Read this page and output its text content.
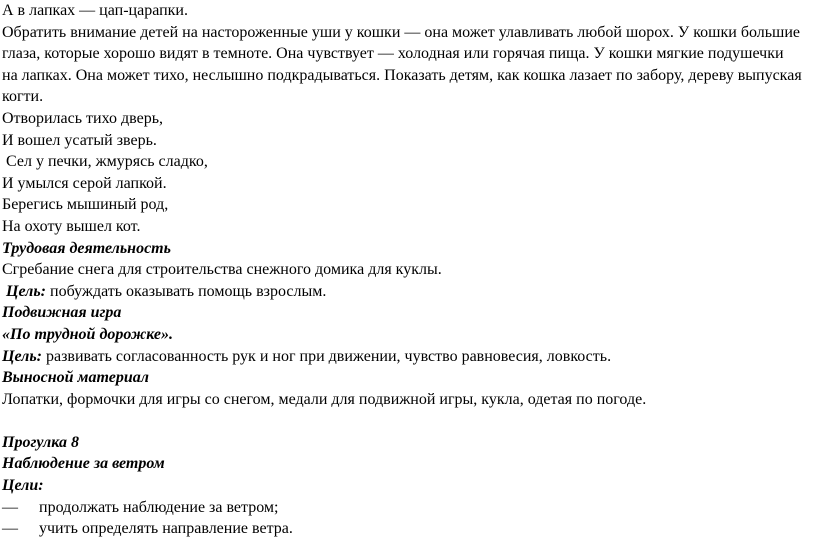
А в лапках — цап-царапки.

Обратить внимание детей на настороженные уши у кошки — она может улавливать любой шорох. У кошки большие глаза, которые хорошо видят в темноте. Она чувствует — холодная или горячая пища. У кошки мягкие подушечки на лапках. Она может тихо, неслышно подкрадываться. Показать детям, как кошка лазает по забору, дереву выпуская когти.

Отворилась тихо дверь,
И вошел усатый зверь.
Сел у печки, жмурясь сладко,
И умылся серой лапкой.
Берегись мышиный род,
На охоту вышел кот.
Трудовая деятельность
Сгребание снега для строительства снежного домика для куклы.
Цель: побуждать оказывать помощь взрослым.
Подвижная игра
«По трудной дорожке».
Цель: развивать согласованность рук и ног при движении, чувство равновесия, ловкость.
Выносной материал
Лопатки, формочки для игры со снегом, медали для подвижной игры, кукла, одетая по погоде.
Прогулка 8
Наблюдение за ветром
Цели:
— продолжать наблюдение за ветром;
— учить определять направление ветра.
